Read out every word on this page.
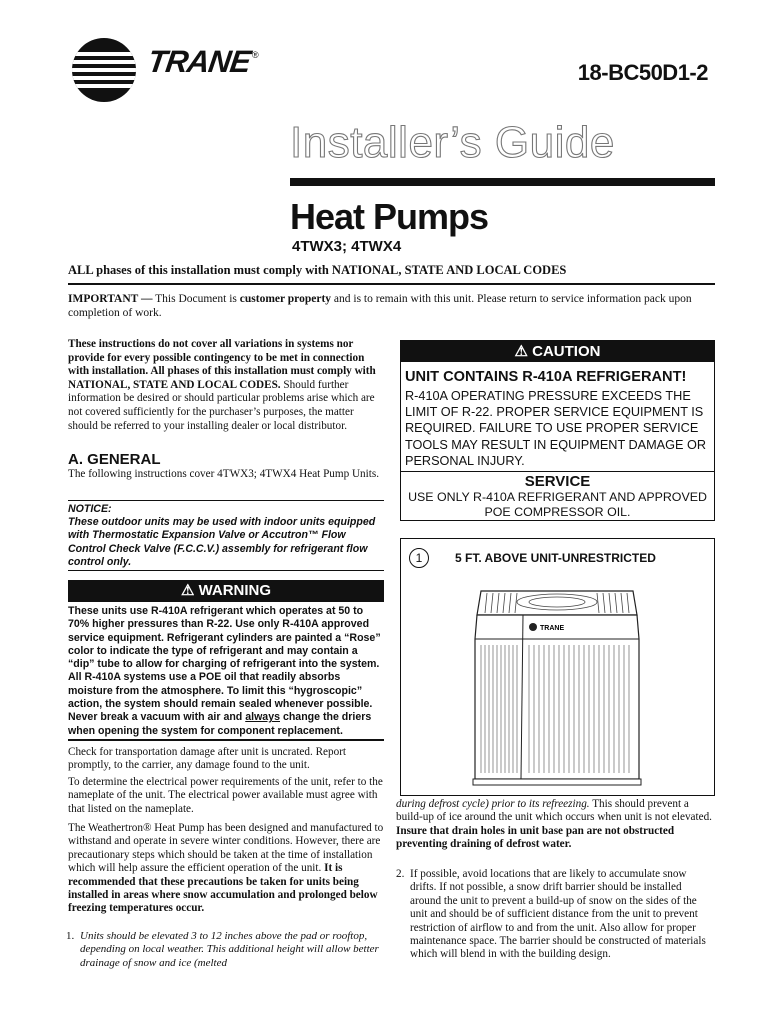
TRANE ®
18-BC50D1-2
Installer’s Guide
Heat Pumps
4TWX3; 4TWX4
ALL phases of this installation must comply with NATIONAL, STATE AND LOCAL CODES
IMPORTANT — This Document is customer property and is to remain with this unit. Please return to service information pack upon completion of work.
These instructions do not cover all variations in systems nor provide for every possible contingency to be met in connection with installation. All phases of this installation must comply with NATIONAL, STATE AND LOCAL CODES. Should further information be desired or should particular problems arise which are not covered sufficiently for the purchaser’s purposes, the matter should be referred to your installing dealer or local distributor.
A. GENERAL
The following instructions cover 4TWX3; 4TWX4 Heat Pump Units.
NOTICE:
These outdoor units may be used with indoor units equipped with Thermostatic Expansion Valve or Accutron™ Flow Control Check Valve (F.C.C.V.) assembly for refrigerant flow control only.
⚠ WARNING
These units use R-410A refrigerant which operates at 50 to 70% higher pressures than R-22. Use only R-410A approved service equipment. Refrigerant cylinders are painted a “Rose” color to indicate the type of refrigerant and may contain a “dip” tube to allow for charging of refrigerant into the system. All R-410A systems use a POE oil that readily absorbs moisture from the atmosphere. To limit this “hygroscopic” action, the system should remain sealed whenever possible. Never break a vacuum with air and always change the driers when opening the system for component replacement.
Check for transportation damage after unit is uncrated. Report promptly, to the carrier, any damage found to the unit.
To determine the electrical power requirements of the unit, refer to the nameplate of the unit. The electrical power available must agree with that listed on the nameplate.
The Weathertron® Heat Pump has been designed and manufactured to withstand and operate in severe winter conditions. However, there are precautionary steps which should be taken at the time of installation which will help assure the efficient operation of the unit. It is recommended that these precautions be taken for units being installed in areas where snow accumulation and prolonged below freezing temperatures occur.
1. Units should be elevated 3 to 12 inches above the pad or rooftop, depending on local weather. This additional height will allow better drainage of snow and ice (melted
⚠ CAUTION
UNIT CONTAINS R-410A REFRIGERANT!
R-410A OPERATING PRESSURE EXCEEDS THE LIMIT OF R-22. PROPER SERVICE EQUIPMENT IS REQUIRED. FAILURE TO USE PROPER SERVICE TOOLS MAY RESULT IN EQUIPMENT DAMAGE OR PERSONAL INJURY.
SERVICE
USE ONLY R-410A REFRIGERANT AND APPROVED POE COMPRESSOR OIL.
1	5 FT. ABOVE UNIT-UNRESTRICTED
TRANE
during defrost cycle) prior to its refreezing. This should prevent a build-up of ice around the unit which occurs when unit is not elevated. Insure that drain holes in unit base pan are not obstructed preventing draining of defrost water.
2. If possible, avoid locations that are likely to accumulate snow drifts. If not possible, a snow drift barrier should be installed around the unit to prevent a build-up of snow on the sides of the unit and should be of sufficient distance from the unit to prevent restriction of airflow to and from the unit. Also allow for proper maintenance space. The barrier should be constructed of materials which will blend in with the building design.
